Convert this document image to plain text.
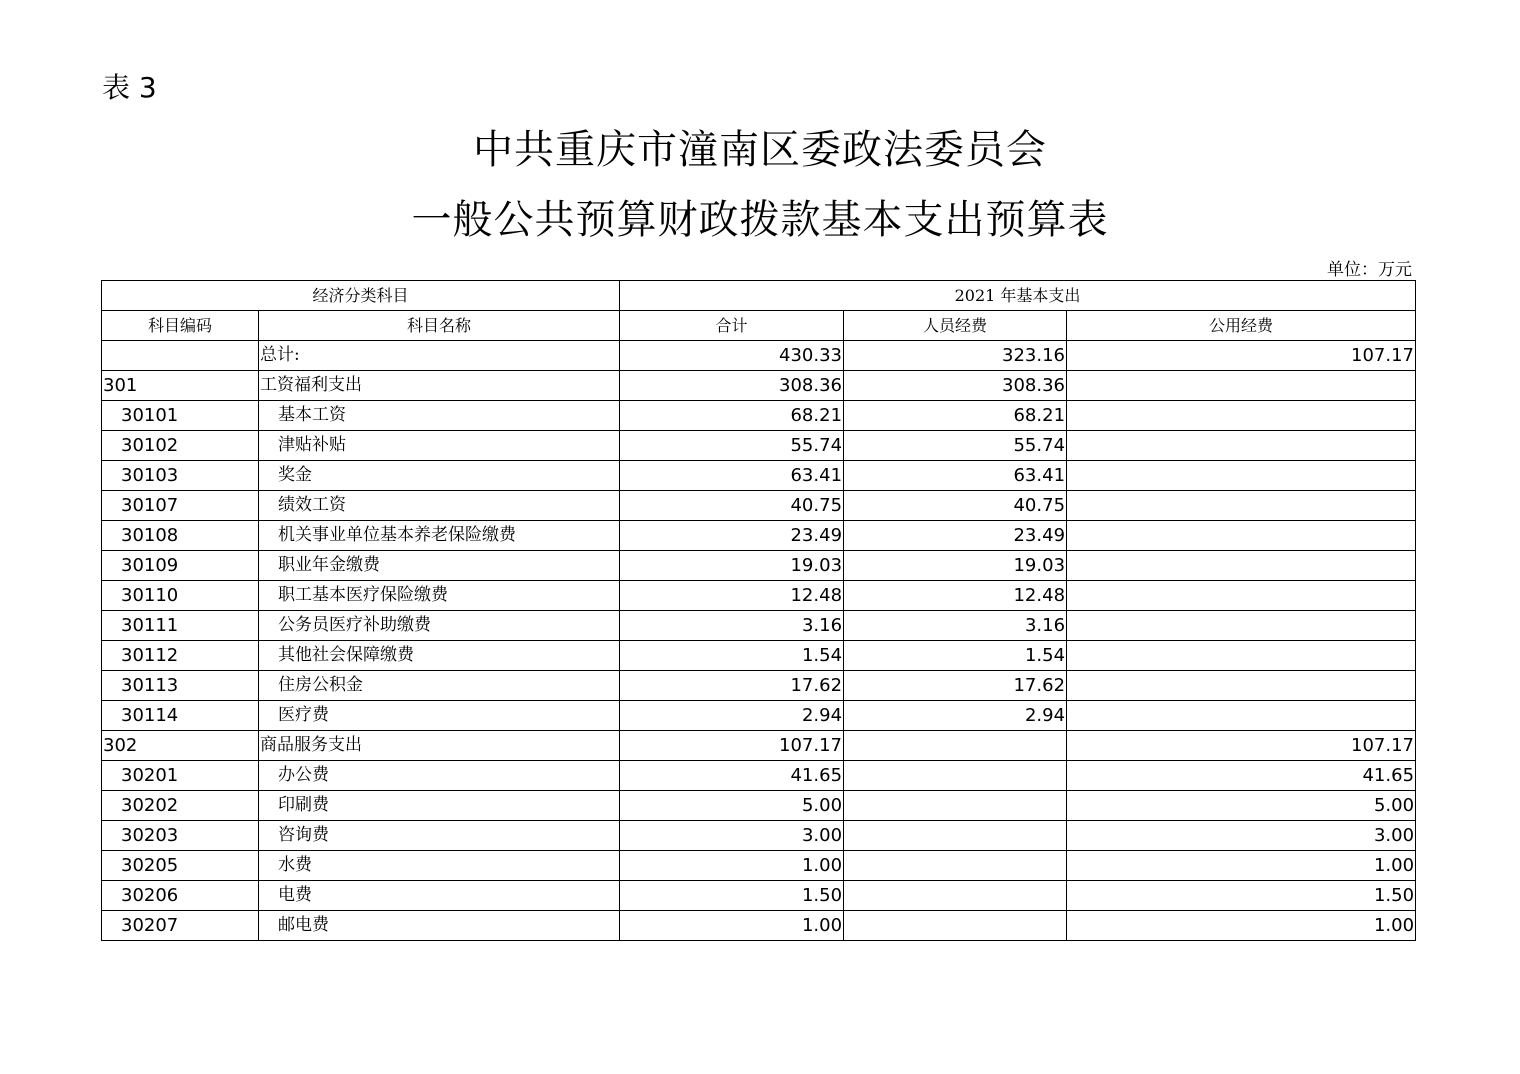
表 3
中共重庆市潼南区委政法委员会
一般公共预算财政拨款基本支出预算表
单位：万元
经济分类科目		2021 年基本支出		
科目编码	科目名称	合计	人员经费	公用经费
	总计:	430.33	323.16	107.17
301	工资福利支出	308.36	308.36	
30101	基本工资	68.21	68.21	
30102	津贴补贴	55.74	55.74	
30103	奖金	63.41	63.41	
30107	绩效工资	40.75	40.75	
30108	机关事业单位基本养老保险缴费	23.49	23.49	
30109	职业年金缴费	19.03	19.03	
30110	职工基本医疗保险缴费	12.48	12.48	
30111	公务员医疗补助缴费	3.16	3.16	
30112	其他社会保障缴费	1.54	1.54	
30113	住房公积金	17.62	17.62	
30114	医疗费	2.94	2.94	
302	商品服务支出	107.17		107.17
30201	办公费	41.65		41.65
30202	印刷费	5.00		5.00
30203	咨询费	3.00		3.00
30205	水费	1.00		1.00
30206	电费	1.50		1.50
30207	邮电费	1.00		1.00
